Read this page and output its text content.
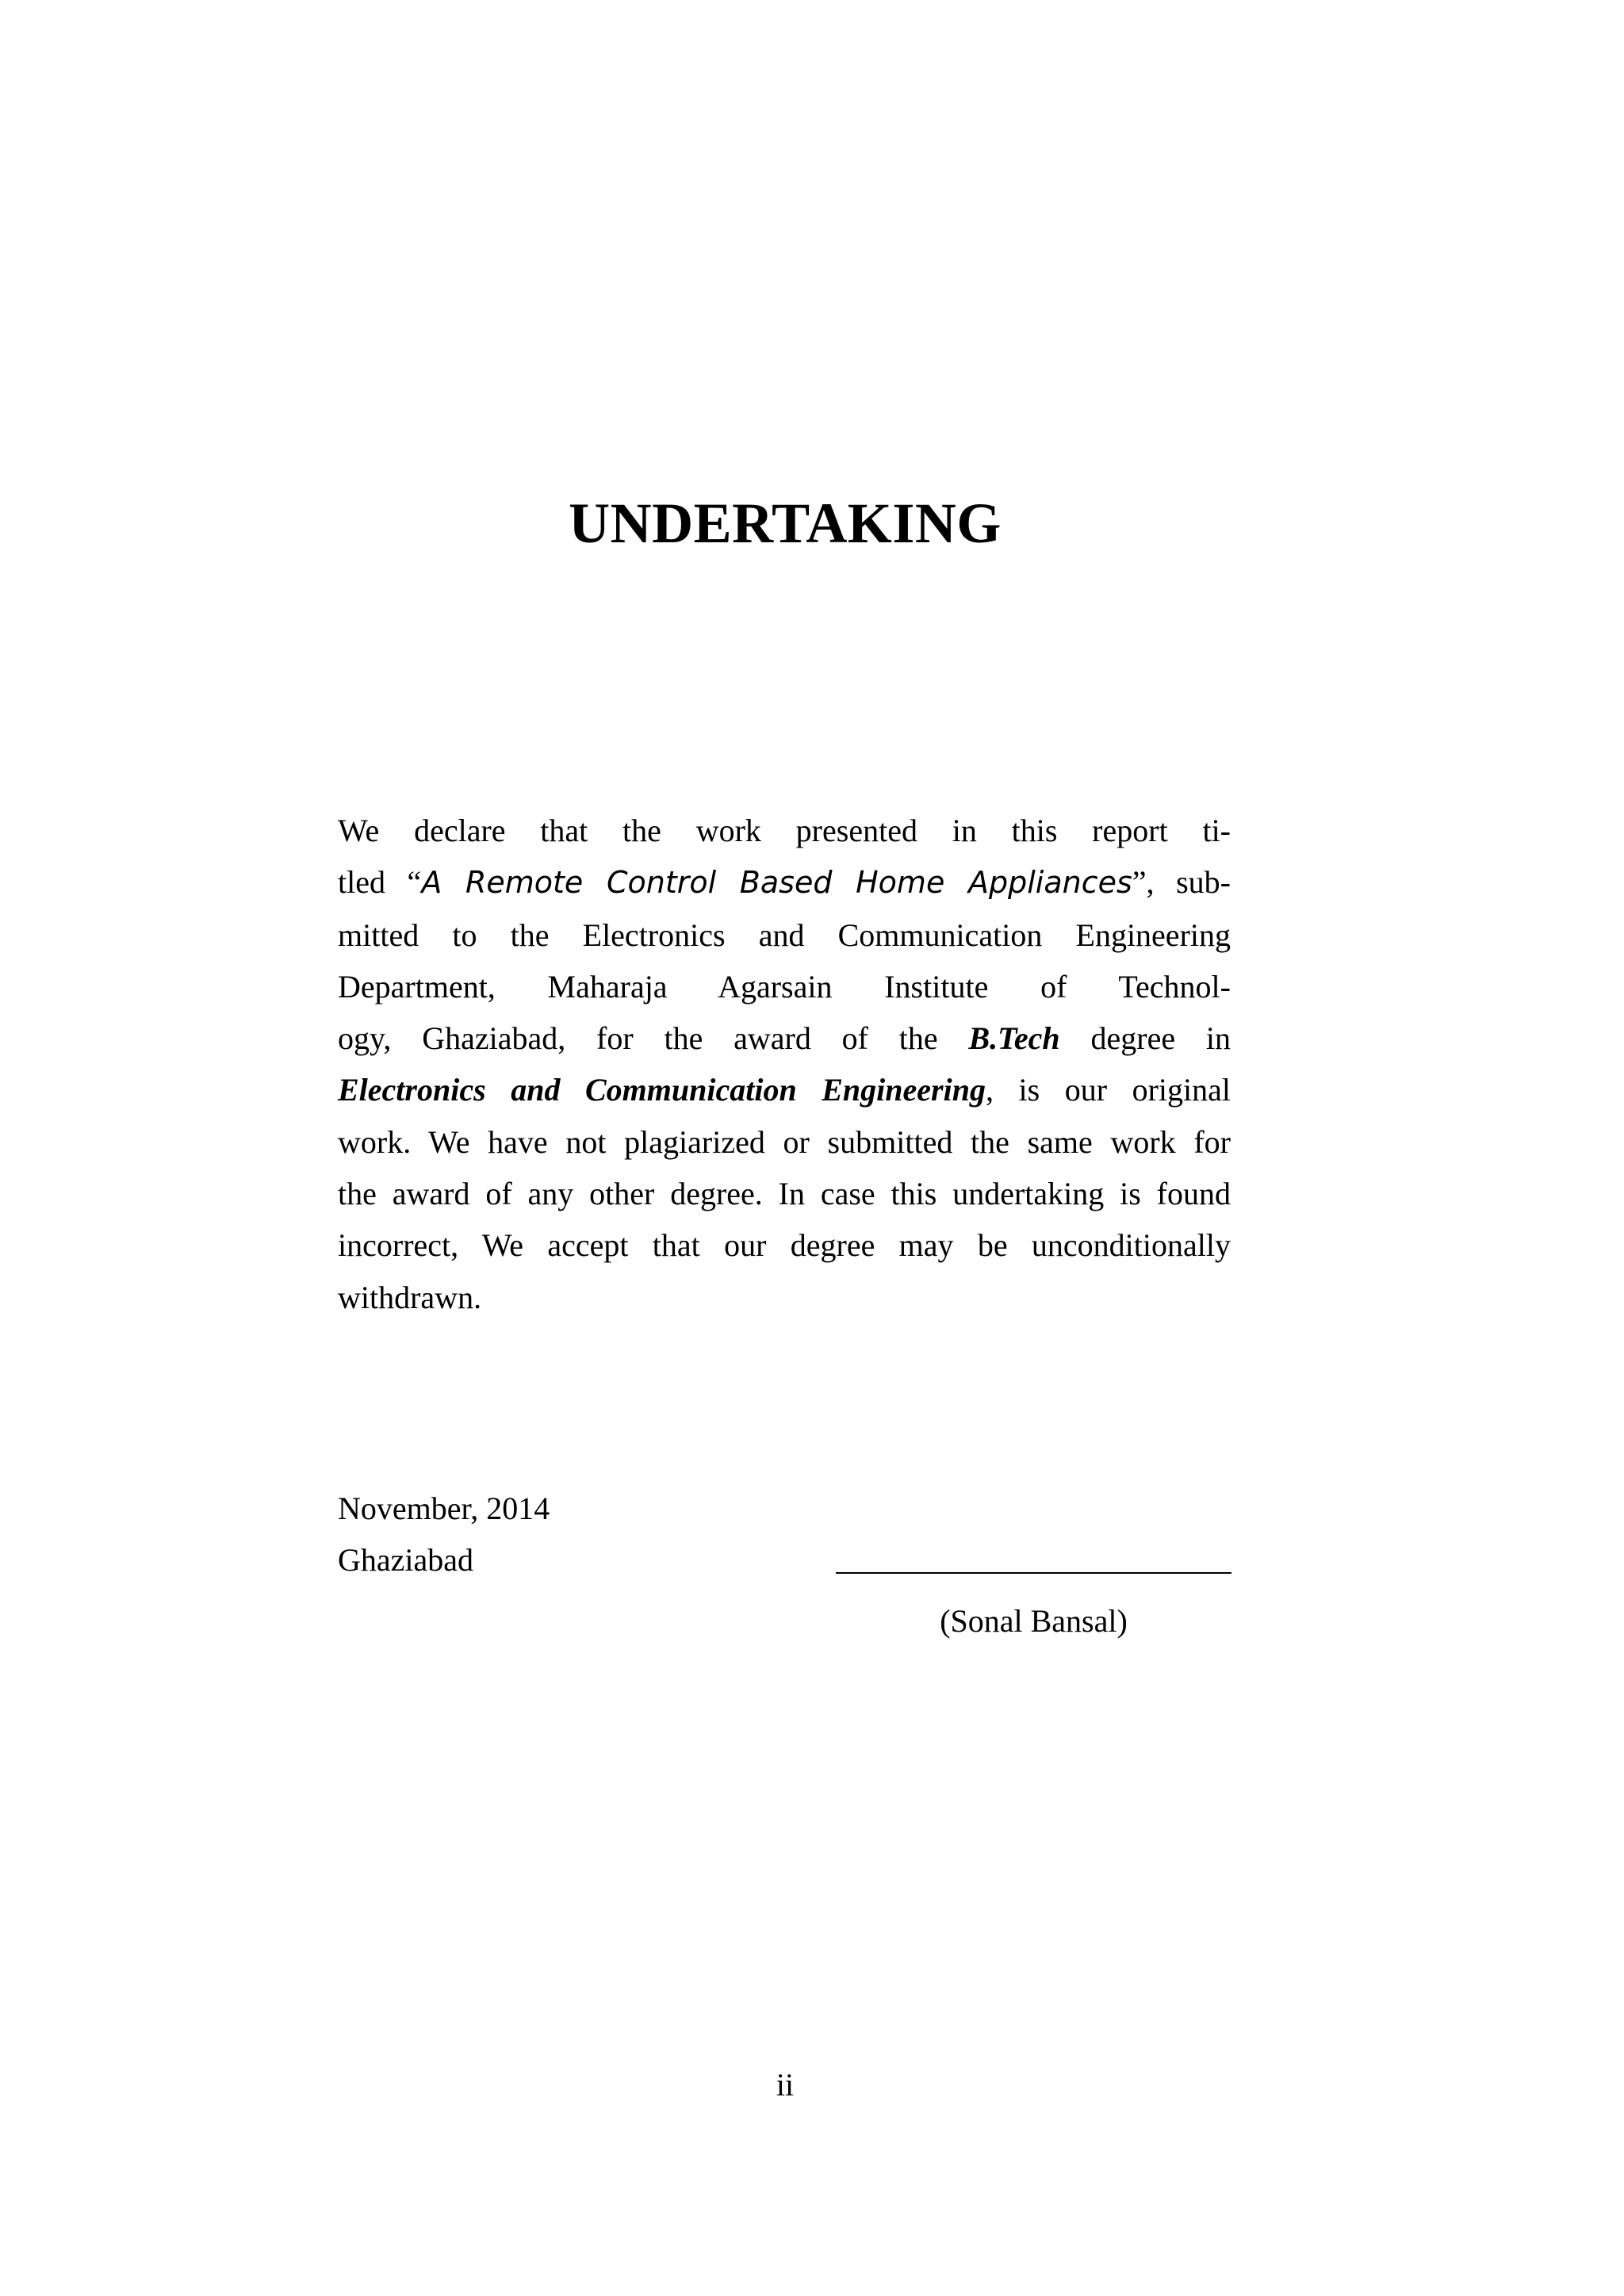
UNDERTAKING
We declare that the work presented in this report ti-
tled “A Remote Control Based Home Appliances”, sub-
mitted to the Electronics and Communication Engineering
Department, Maharaja Agarsain Institute of Technol-
ogy, Ghaziabad, for the award of the B.Tech degree in
Electronics and Communication Engineering, is our original
work. We have not plagiarized or submitted the same work for
the award of any other degree. In case this undertaking is found
incorrect, We accept that our degree may be unconditionally
withdrawn.
November, 2014
Ghaziabad
(Sonal Bansal)
ii
